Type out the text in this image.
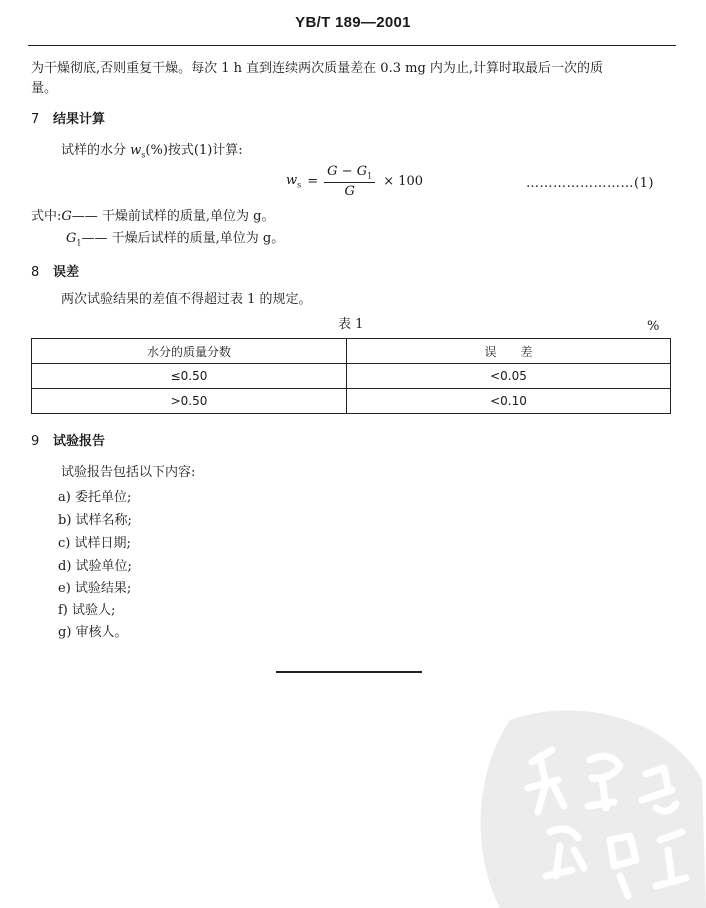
YB/T 189—2001
为干燥彻底,否则重复干燥。每次 1 h 直到连续两次质量差在 0.3 mg 内为止,计算时取最后一次的质
量。
7 结果计算
试样的水分 $w_s(\%)$按式(1)计算:
$w_s = \frac{G - G_1}{G} \times 100$	……………………(1)
式中:G—— 干燥前试样的质量,单位为 g。
$G_1——$ 干燥后试样的质量,单位为 g。
8 误差
两次试验结果的差值不得超过表 1 的规定。
表 1	%
水分的质量分数	误　　差
≤0.50	<0.05
>0.50	<0.10
9 试验报告
试验报告包括以下内容:
a) 委托单位;
b) 试样名称;
c) 试样日期;
d) 试验单位;
e) 试验结果;
f) 试验人;
g) 审核人。
